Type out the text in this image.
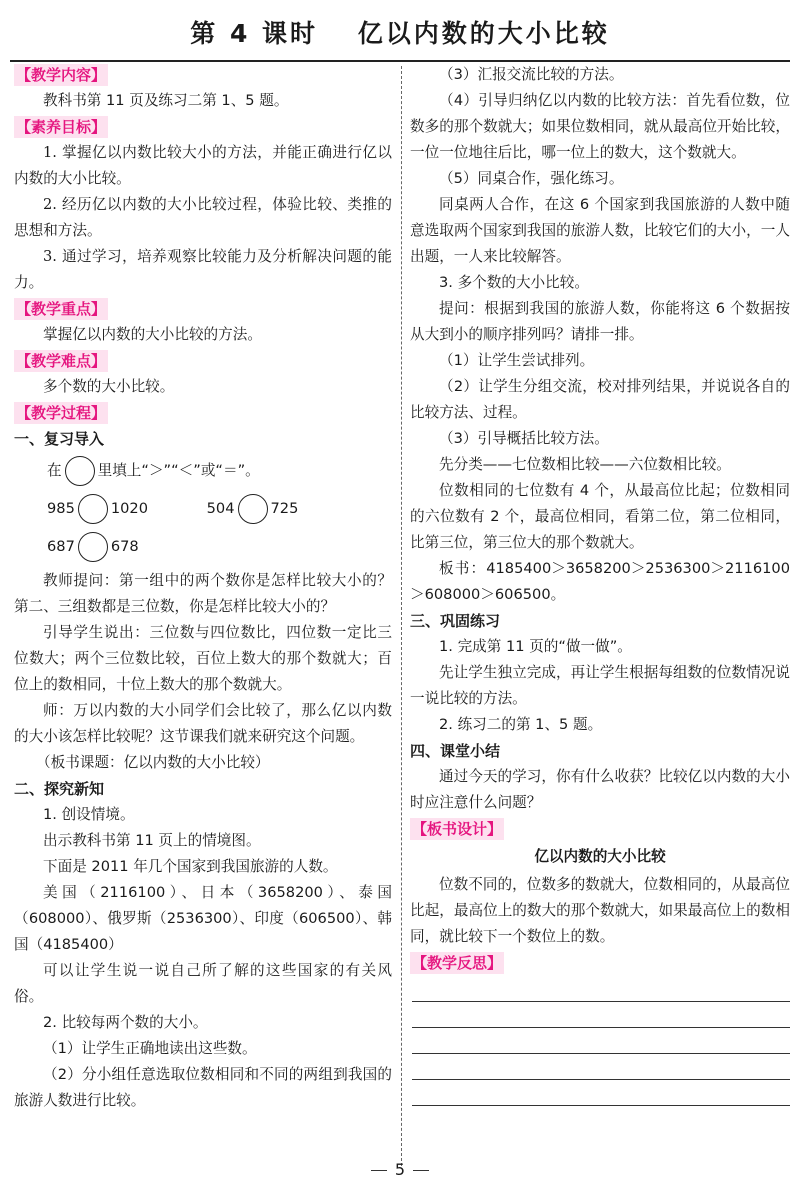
第 4 课时　 亿以内数的大小比较
【教学内容】

教科书第 11 页及练习二第 1、5 题。

【素养目标】

1. 掌握亿以内数比较大小的方法，并能正确进行亿以内数的大小比较。

2. 经历亿以内数的大小比较过程，体验比较、类推的思想和方法。

3. 通过学习，培养观察比较能力及分析解决问题的能力。

【教学重点】

掌握亿以内数的大小比较的方法。

【教学难点】

多个数的大小比较。

【教学过程】

一、复习导入

在 里填上“＞”“＜”或“＝”。
985 1020	504 725
687 678

教师提问：第一组中的两个数你是怎样比较大小的？第二、三组数都是三位数，你是怎样比较大小的？

引导学生说出：三位数与四位数比，四位数一定比三位数大；两个三位数比较，百位上数大的那个数就大；百位上的数相同，十位上数大的那个数就大。

师：万以内数的大小同学们会比较了，那么亿以内数的大小该怎样比较呢？这节课我们就来研究这个问题。

（板书课题：亿以内数的大小比较）

二、探究新知

1. 创设情境。

出示教科书第 11 页上的情境图。

下面是 2011 年几个国家到我国旅游的人数。

美国（2116100）、日本（3658200）、泰国（608000）、俄罗斯（2536300）、印度（606500）、韩国（4185400）

可以让学生说一说自己所了解的这些国家的有关风俗。

2. 比较每两个数的大小。

（1）让学生正确地读出这些数。

（2）分小组任意选取位数相同和不同的两组到我国的旅游人数进行比较。

（3）汇报交流比较的方法。

（4）引导归纳亿以内数的比较方法：首先看位数，位数多的那个数就大；如果位数相同，就从最高位开始比较，一位一位地往后比，哪一位上的数大，这个数就大。

（5）同桌合作，强化练习。

同桌两人合作，在这 6 个国家到我国旅游的人数中随意选取两个国家到我国的旅游人数，比较它们的大小，一人出题，一人来比较解答。

3. 多个数的大小比较。

提问：根据到我国的旅游人数，你能将这 6 个数据按从大到小的顺序排列吗？请排一排。

（1）让学生尝试排列。

（2）让学生分组交流，校对排列结果，并说说各自的比较方法、过程。

（3）引导概括比较方法。

先分类——七位数相比较——六位数相比较。

位数相同的七位数有 4 个，从最高位比起；位数相同的六位数有 2 个，最高位相同，看第二位，第二位相同，比第三位，第三位大的那个数就大。

板书：4185400＞3658200＞2536300＞2116100＞608000＞606500。

三、巩固练习

1. 完成第 11 页的“做一做”。

先让学生独立完成，再让学生根据每组数的位数情况说一说比较的方法。

2. 练习二的第 1、5 题。

四、课堂小结

通过今天的学习，你有什么收获？比较亿以内数的大小时应注意什么问题？

【板书设计】
亿以内数的大小比较

位数不同的，位数多的数就大，位数相同的，从最高位比起，最高位上的数大的那个数就大，如果最高位上的数相同，就比较下一个数位上的数。

【教学反思】
5
